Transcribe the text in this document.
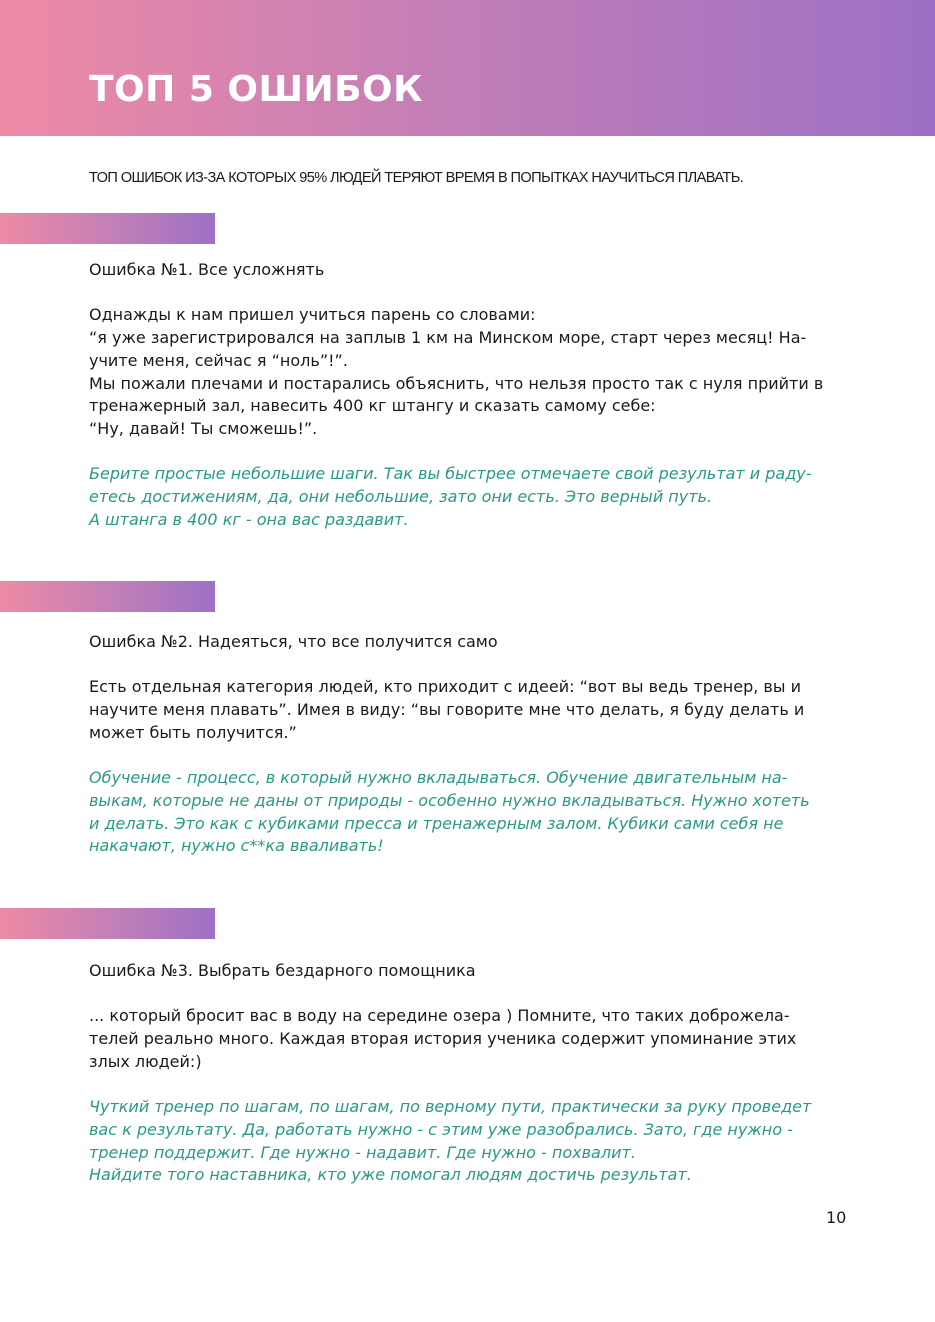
ТОП 5 ОШИБОК

ТОП ОШИБОК ИЗ-ЗА КОТОРЫХ 95% ЛЮДЕЙ ТЕРЯЮТ ВРЕМЯ В ПОПЫТКАХ НАУЧИТЬСЯ ПЛАВАТЬ.

Ошибка №1. Все усложнять

Однажды к нам пришел учиться парень со словами:

“я уже зарегистрировался на заплыв 1 км на Минском море, старт через месяц! На-

учите меня, сейчас я “ноль”!”.

Мы пожали плечами и постарались объяснить, что нельзя просто так с нуля прийти в

тренажерный зал, навесить 400 кг штангу и сказать самому себе:

“Ну, давай! Ты сможешь!”.

Берите простые небольшие шаги. Так вы быстрее отмечаете свой результат и раду-

етесь достижениям, да, они небольшие, зато они есть. Это верный путь.

А штанга в 400 кг - она вас раздавит.

Ошибка №2. Надеяться, что все получится само

Есть отдельная категория людей, кто приходит с идеей: “вот вы ведь тренер, вы и

научите меня плавать”. Имея в виду: “вы говорите мне что делать, я буду делать и

может быть получится.”

Обучение - процесс, в который нужно вкладываться. Обучение двигательным на-

выкам, которые не даны от природы - особенно нужно вкладываться. Нужно хотеть

и делать. Это как с кубиками пресса и тренажерным залом. Кубики сами себя не

накачают, нужно с**ка вваливать!

Ошибка №3. Выбрать бездарного помощника

... который бросит вас в воду на середине озера ) Помните, что таких доброжела-

телей реально много. Каждая вторая история ученика содержит упоминание этих

злых людей:)

Чуткий тренер по шагам, по шагам, по верному пути, практически за руку проведет

вас к результату. Да, работать нужно - с этим уже разобрались. Зато, где нужно -

тренер поддержит. Где нужно - надавит. Где нужно - похвалит.

Найдите того наставника, кто уже помогал людям достичь результат.

10
